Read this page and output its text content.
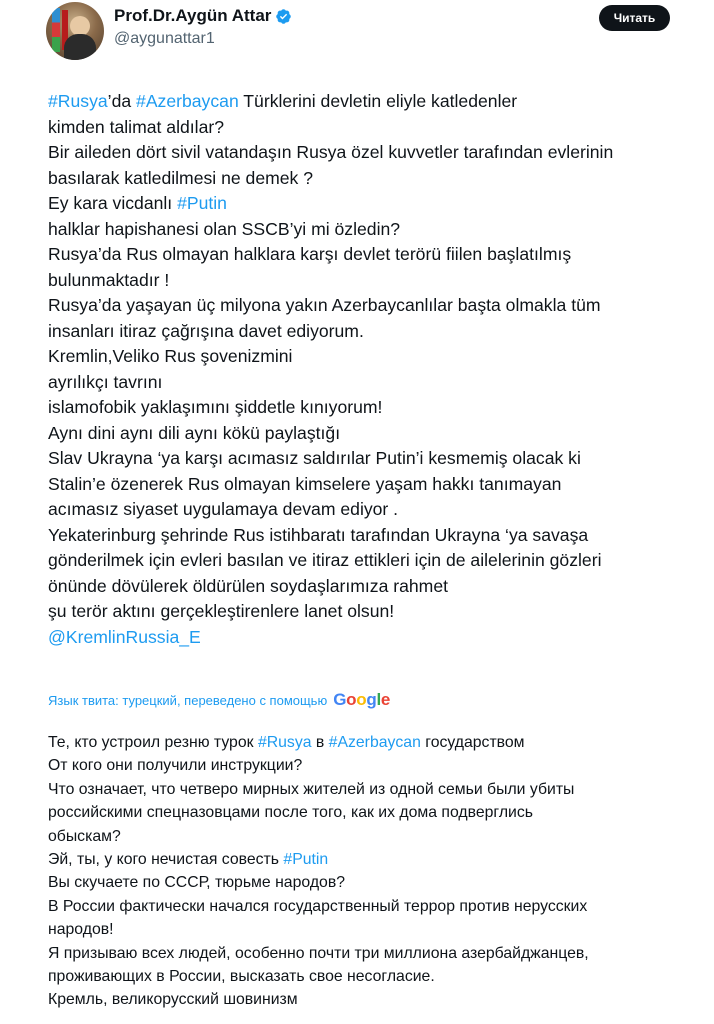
Prof.Dr.Aygün Attar
@aygunattar1
Читать
#Rusya’da #Azerbaycan Türklerini devletin eliyle katledenler
kimden talimat aldılar?
Bir aileden dört sivil vatandaşın Rusya özel kuvvetler tarafından evlerinin
basılarak katledilmesi ne demek ?
Ey kara vicdanlı #Putin
halklar hapishanesi olan SSCB’yi mi özledin?
Rusya’da Rus olmayan halklara karşı devlet terörü fiilen başlatılmış
bulunmaktadır !
Rusya’da yaşayan üç milyona yakın Azerbaycanlılar başta olmakla tüm
insanları itiraz çağrışına davet ediyorum.
Kremlin,Veliko Rus şovenizmini
ayrılıkçı tavrını
islamofobik yaklaşımını şiddetle kınıyorum!
Aynı dini aynı dili aynı kökü paylaştığı
Slav Ukrayna ‘ya karşı acımasız saldırılar Putin’i kesmemiş olacak ki
Stalin’e özenerek Rus olmayan kimselere yaşam hakkı tanımayan
acımasız siyaset uygulamaya devam ediyor .
Yekaterinburg şehrinde Rus istihbaratı tarafından Ukrayna ‘ya savaşa
gönderilmek için evleri basılan ve itiraz ettikleri için de ailelerinin gözleri
önünde dövülerek öldürülen soydaşlarımıza rahmet
şu terör aktını gerçekleştirenlere lanet olsun!
@KremlinRussia_E
Язык твита: турецкий, переведено с помощью Google
Те, кто устроил резню турок #Rusya в #Azerbaycan государством
От кого они получили инструкции?
Что означает, что четверо мирных жителей из одной семьи были убиты
российскими спецназовцами после того, как их дома подверглись
обыскам?
Эй, ты, у кого нечистая совесть #Putin
Вы скучаете по СССР, тюрьме народов?
В России фактически начался государственный террор против нерусских
народов!
Я призываю всех людей, особенно почти три миллиона азербайджанцев,
проживающих в России, высказать свое несогласие.
Кремль, великорусский шовинизм
